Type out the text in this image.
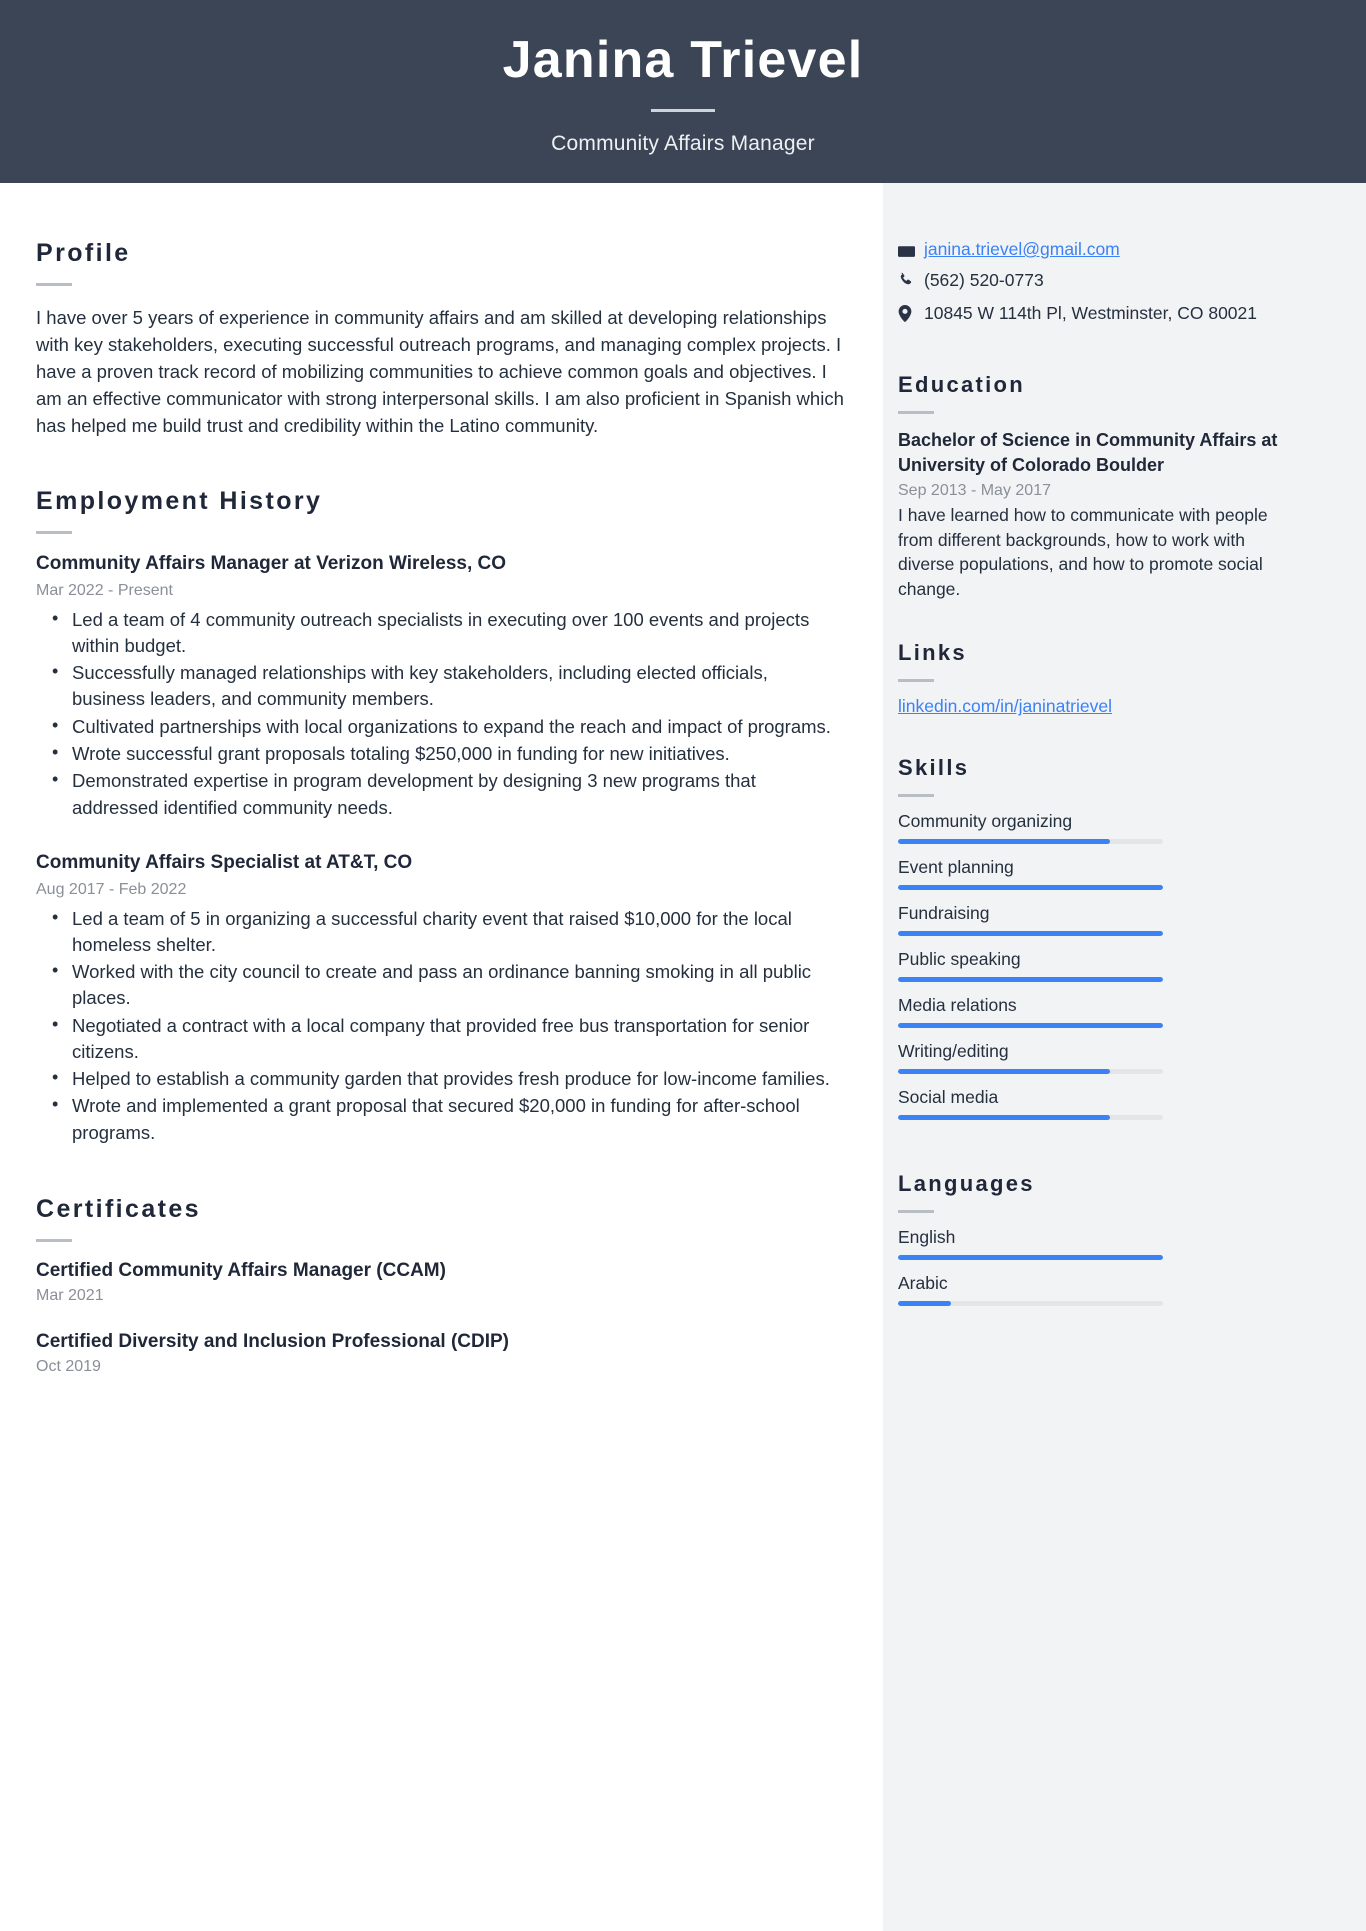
Janina Trievel
Community Affairs Manager
Profile
I have over 5 years of experience in community affairs and am skilled at developing relationships with key stakeholders, executing successful outreach programs, and managing complex projects. I have a proven track record of mobilizing communities to achieve common goals and objectives. I am an effective communicator with strong interpersonal skills. I am also proficient in Spanish which has helped me build trust and credibility within the Latino community.
Employment History
Community Affairs Manager at Verizon Wireless, CO
Mar 2022 - Present
• Led a team of 4 community outreach specialists in executing over 100 events and projects within budget.
• Successfully managed relationships with key stakeholders, including elected officials, business leaders, and community members.
• Cultivated partnerships with local organizations to expand the reach and impact of programs.
• Wrote successful grant proposals totaling $250,000 in funding for new initiatives.
• Demonstrated expertise in program development by designing 3 new programs that addressed identified community needs.
Community Affairs Specialist at AT&T, CO
Aug 2017 - Feb 2022
• Led a team of 5 in organizing a successful charity event that raised $10,000 for the local homeless shelter.
• Worked with the city council to create and pass an ordinance banning smoking in all public places.
• Negotiated a contract with a local company that provided free bus transportation for senior citizens.
• Helped to establish a community garden that provides fresh produce for low-income families.
• Wrote and implemented a grant proposal that secured $20,000 in funding for after-school programs.
Certificates
Certified Community Affairs Manager (CCAM)
Mar 2021
Certified Diversity and Inclusion Professional (CDIP)
Oct 2019
janina.trievel@gmail.com
(562) 520-0773
10845 W 114th Pl, Westminster, CO 80021
Education
Bachelor of Science in Community Affairs at University of Colorado Boulder
Sep 2013 - May 2017
I have learned how to communicate with people from different backgrounds, how to work with diverse populations, and how to promote social change.
Links
linkedin.com/in/janinatrievel
Skills
Community organizing
Event planning
Fundraising
Public speaking
Media relations
Writing/editing
Social media
Languages
English
Arabic
